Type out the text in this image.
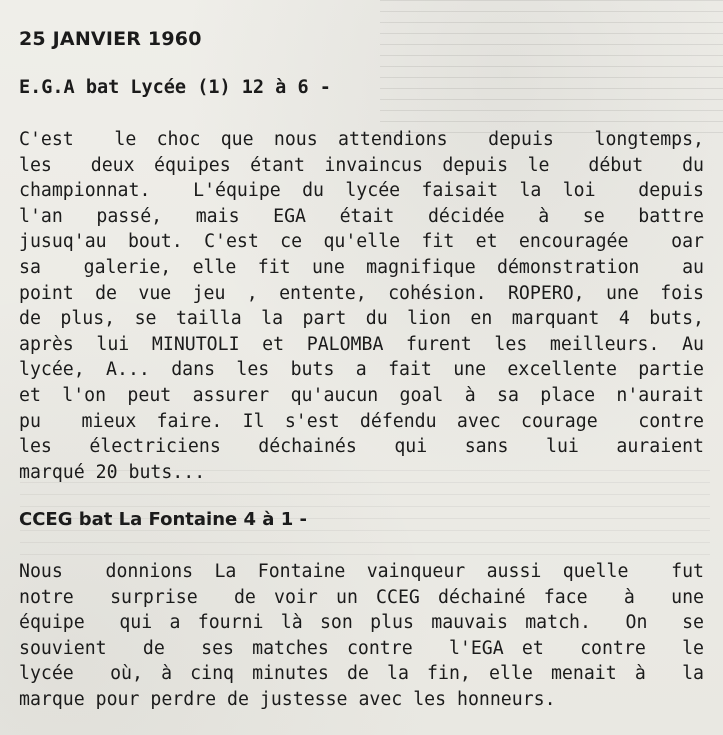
25 JANVIER 1960
E.G.A bat Lycée (1) 12 à 6 -
C'est  le choc que nous attendions  depuis  longtemps,
les  deux équipes étant invaincus depuis le  début  du
championnat.  L'équipe du lycée faisait la loi  depuis
l'an  passé,  mais  EGA  était  décidée  à  se  battre
jusuq'au bout. C'est ce qu'elle fit et encouragée  oar
sa  galerie, elle fit une magnifique démonstration  au
point de vue jeu , entente, cohésion. ROPERO, une fois
de plus, se tailla la part du lion en marquant 4 buts,
après lui MINUTOLI et PALOMBA furent les meilleurs. Au
lycée, A... dans les buts a fait une excellente partie
et l'on peut assurer qu'aucun goal à sa place n'aurait
pu  mieux faire. Il s'est défendu avec courage  contre
les  électriciens  déchainés  qui  sans  lui  auraient
marqué 20 buts...
CCEG bat La Fontaine 4 à 1 -
Nous  donnions La Fontaine vainqueur aussi quelle  fut
notre  surprise  de voir un CCEG déchainé face  à  une
équipe  qui a fourni là son plus mauvais match.  On  se
souvient  de  ses matches contre  l'EGA et  contre  le
lycée  où, à cinq minutes de la fin, elle menait à  la
marque pour perdre de justesse avec les honneurs.
